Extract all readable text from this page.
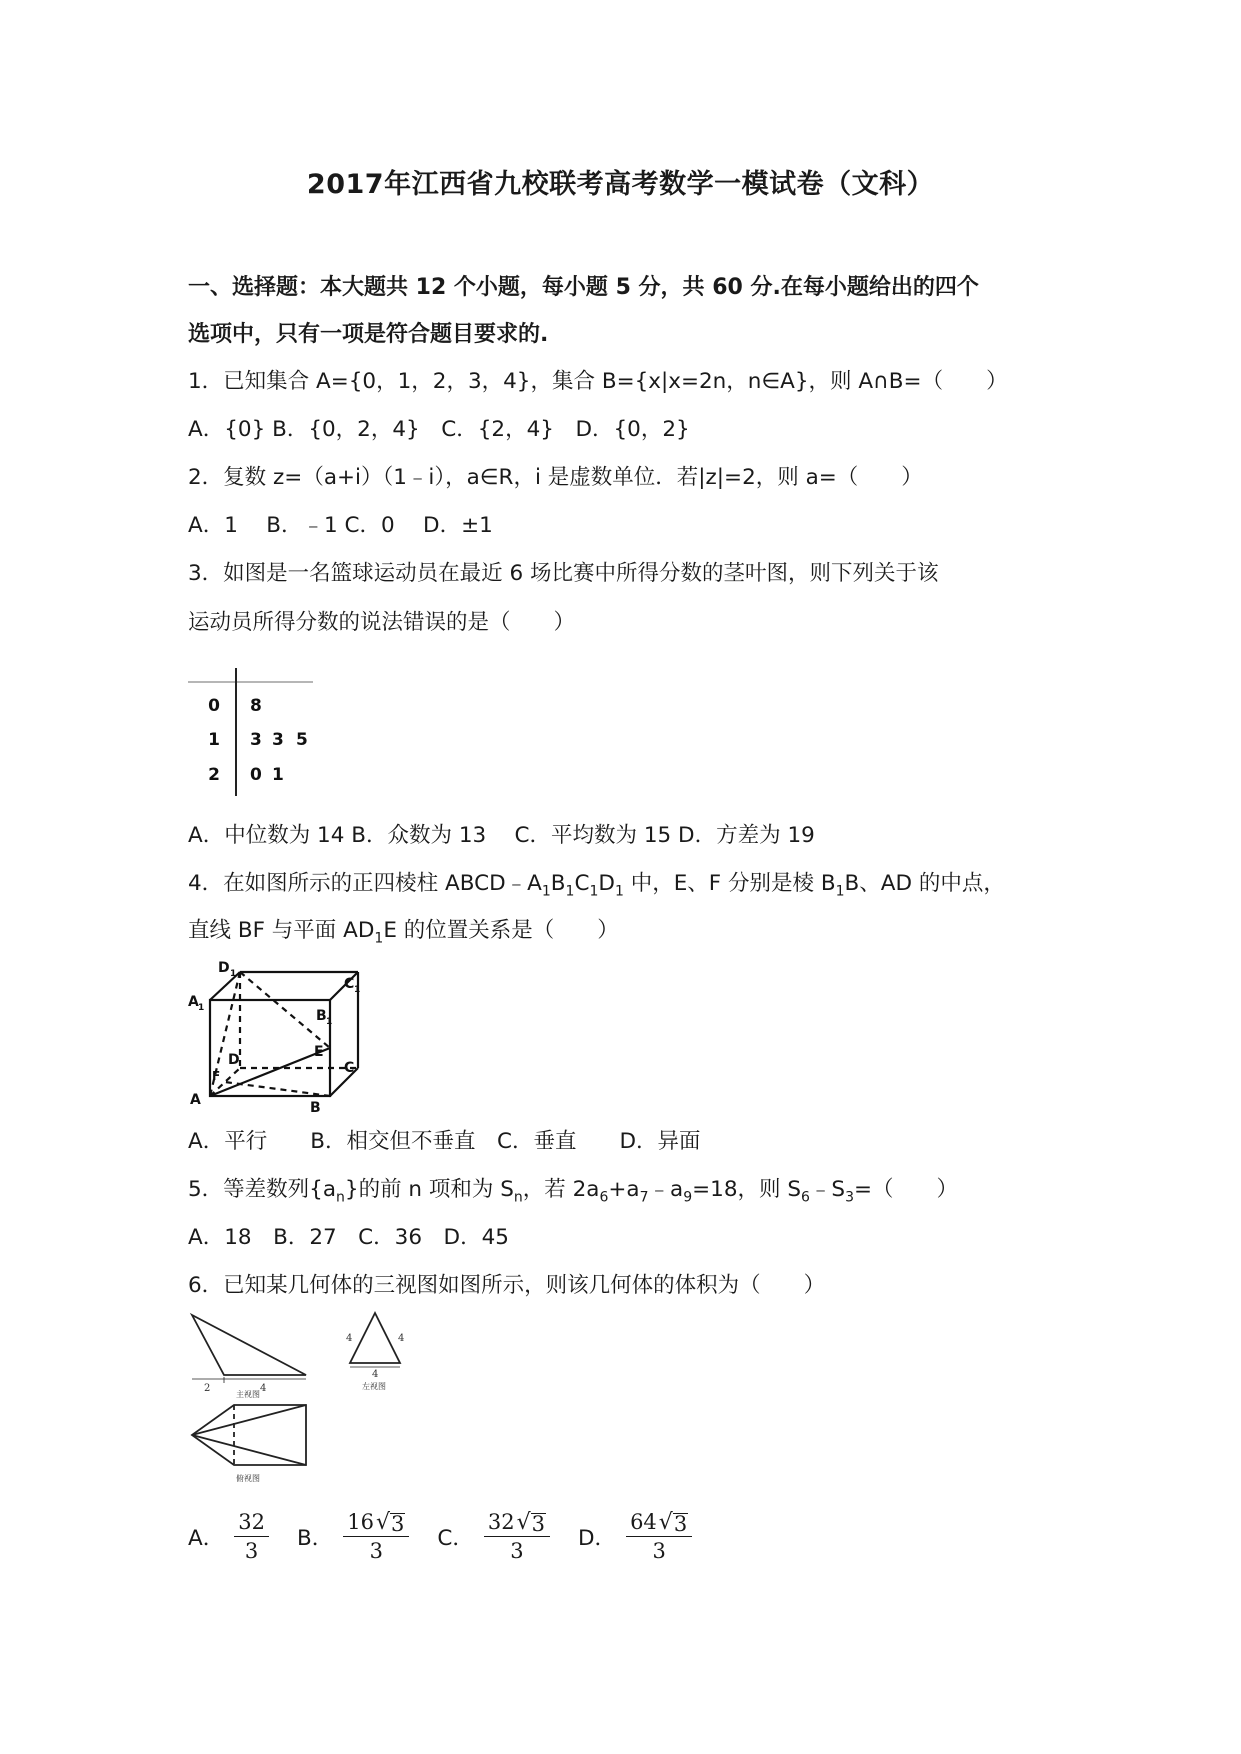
2017年江西省九校联考高考数学一模试卷（文科）
一、选择题：本大题共 12 个小题，每小题 5 分，共 60 分.在每小题给出的四个
选项中，只有一项是符合题目要求的.
1．已知集合 A={0，1，2，3，4}，集合 B={x|x=2n，n∈A}，则 A∩B=（　　）
A．{0} B．{0，2，4}　C．{2，4}　D．{0，2}
2．复数 z=（a+i）（1﹣i），a∈R，i 是虚数单位．若|z|=2，则 a=（　　）
A．1　 B．﹣1 C．0　 D．±1
3．如图是一名篮球运动员在最近 6 场比赛中所得分数的茎叶图，则下列关于该
运动员所得分数的说法错误的是（　　）
0 8
1 3 3 5
2 0 1
A．中位数为 14 B．众数为 13　 C．平均数为 15 D．方差为 19
4．在如图所示的正四棱柱 $ABCD﹣A_1B_1C_1D_1$ 中，E、F 分别是棱 $B_1B$、AD 的中点，
直线 BF 与平面 $AD_1E$ 的位置关系是（　　）
D 1
C 1
A 1	B 1
D	E
F	C
A	B
A．平行　　B．相交但不垂直　C．垂直　　D．异面
5．等差数列$\{a_n\}$的前 n 项和为 $S_n$，若 $2a_6+a_7﹣a_9=18$，则 $S_6﹣S_3=$（　　）
A．18　B．27　C．36　D．45
6．已知某几何体的三视图如图所示，则该几何体的体积为（　　）
2	4
主视图
4	4
4
左视图
俯视图
A． $\frac{32}{3}$ B． $\frac{16 √ 3}{3}$ C． $\frac{32 √ 3}{3}$ D． $\frac{64 √ 3}{3}$
